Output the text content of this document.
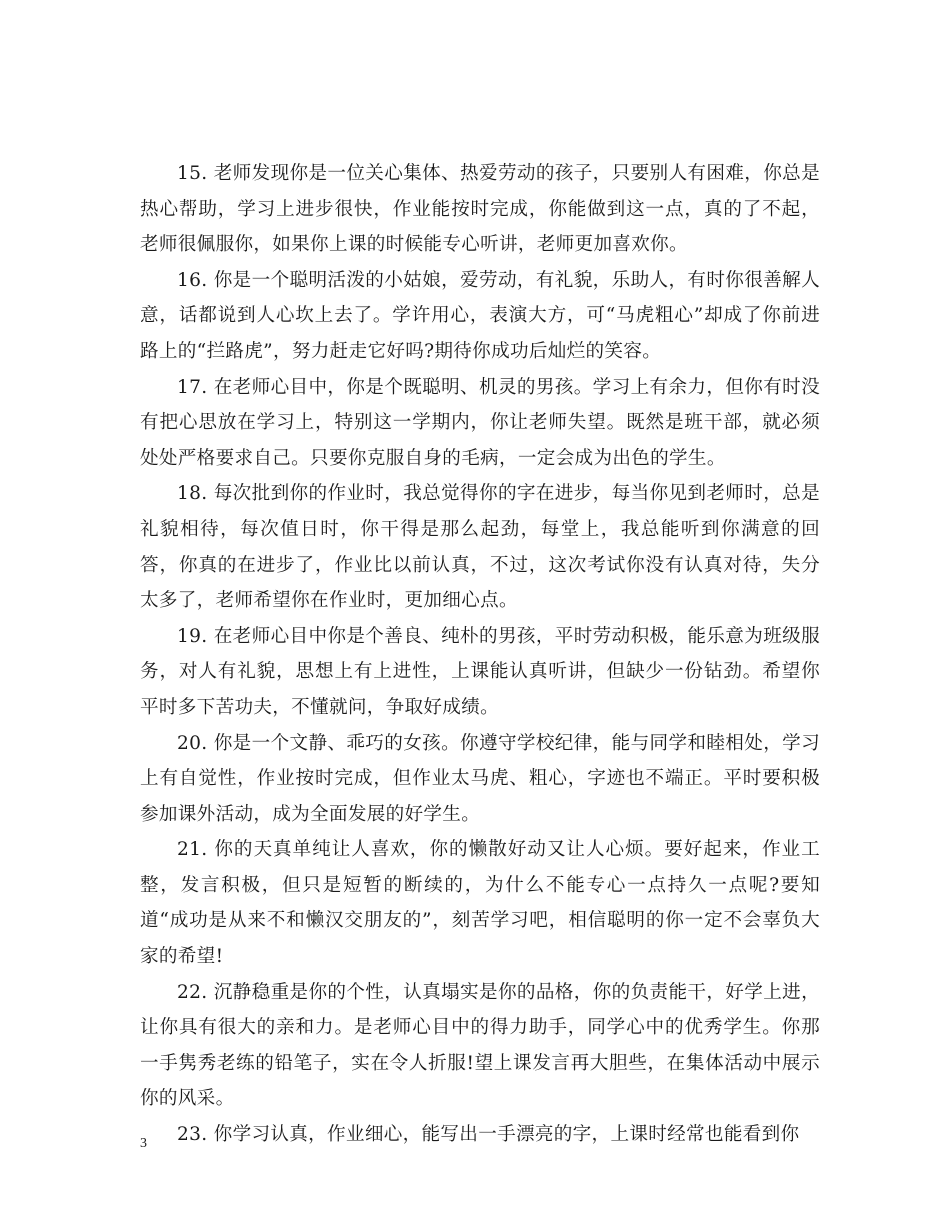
15. 老师发现你是一位关心集体、热爱劳动的孩子，只要别人有困难，你总是热心帮助，学习上进步很快，作业能按时完成，你能做到这一点，真的了不起，老师很佩服你，如果你上课的时候能专心听讲，老师更加喜欢你。

16. 你是一个聪明活泼的小姑娘，爱劳动，有礼貌，乐助人，有时你很善解人意，话都说到人心坎上去了。学许用心，表演大方，可“马虎粗心”却成了你前进路上的“拦路虎”，努力赶走它好吗?期待你成功后灿烂的笑容。

17. 在老师心目中，你是个既聪明、机灵的男孩。学习上有余力，但你有时没有把心思放在学习上，特别这一学期内，你让老师失望。既然是班干部，就必须处处严格要求自己。只要你克服自身的毛病，一定会成为出色的学生。

18. 每次批到你的作业时，我总觉得你的字在进步，每当你见到老师时，总是礼貌相待，每次值日时，你干得是那么起劲，每堂上，我总能听到你满意的回答，你真的在进步了，作业比以前认真，不过，这次考试你没有认真对待，失分太多了，老师希望你在作业时，更加细心点。

19. 在老师心目中你是个善良、纯朴的男孩，平时劳动积极，能乐意为班级服务，对人有礼貌，思想上有上进性，上课能认真听讲，但缺少一份钻劲。希望你平时多下苦功夫，不懂就问，争取好成绩。

20. 你是一个文静、乖巧的女孩。你遵守学校纪律，能与同学和睦相处，学习上有自觉性，作业按时完成，但作业太马虎、粗心，字迹也不端正。平时要积极参加课外活动，成为全面发展的好学生。

21. 你的天真单纯让人喜欢，你的懒散好动又让人心烦。要好起来，作业工整，发言积极，但只是短暂的断续的，为什么不能专心一点持久一点呢?要知道“成功是从来不和懒汉交朋友的”，刻苦学习吧，相信聪明的你一定不会辜负大家的希望!

22. 沉静稳重是你的个性，认真塌实是你的品格，你的负责能干，好学上进，让你具有很大的亲和力。是老师心目中的得力助手，同学心中的优秀学生。你那一手隽秀老练的铅笔子，实在令人折服!望上课发言再大胆些，在集体活动中展示你的风采。

23. 你学习认真，作业细心，能写出一手漂亮的字，上课时经常也能看到你

3
